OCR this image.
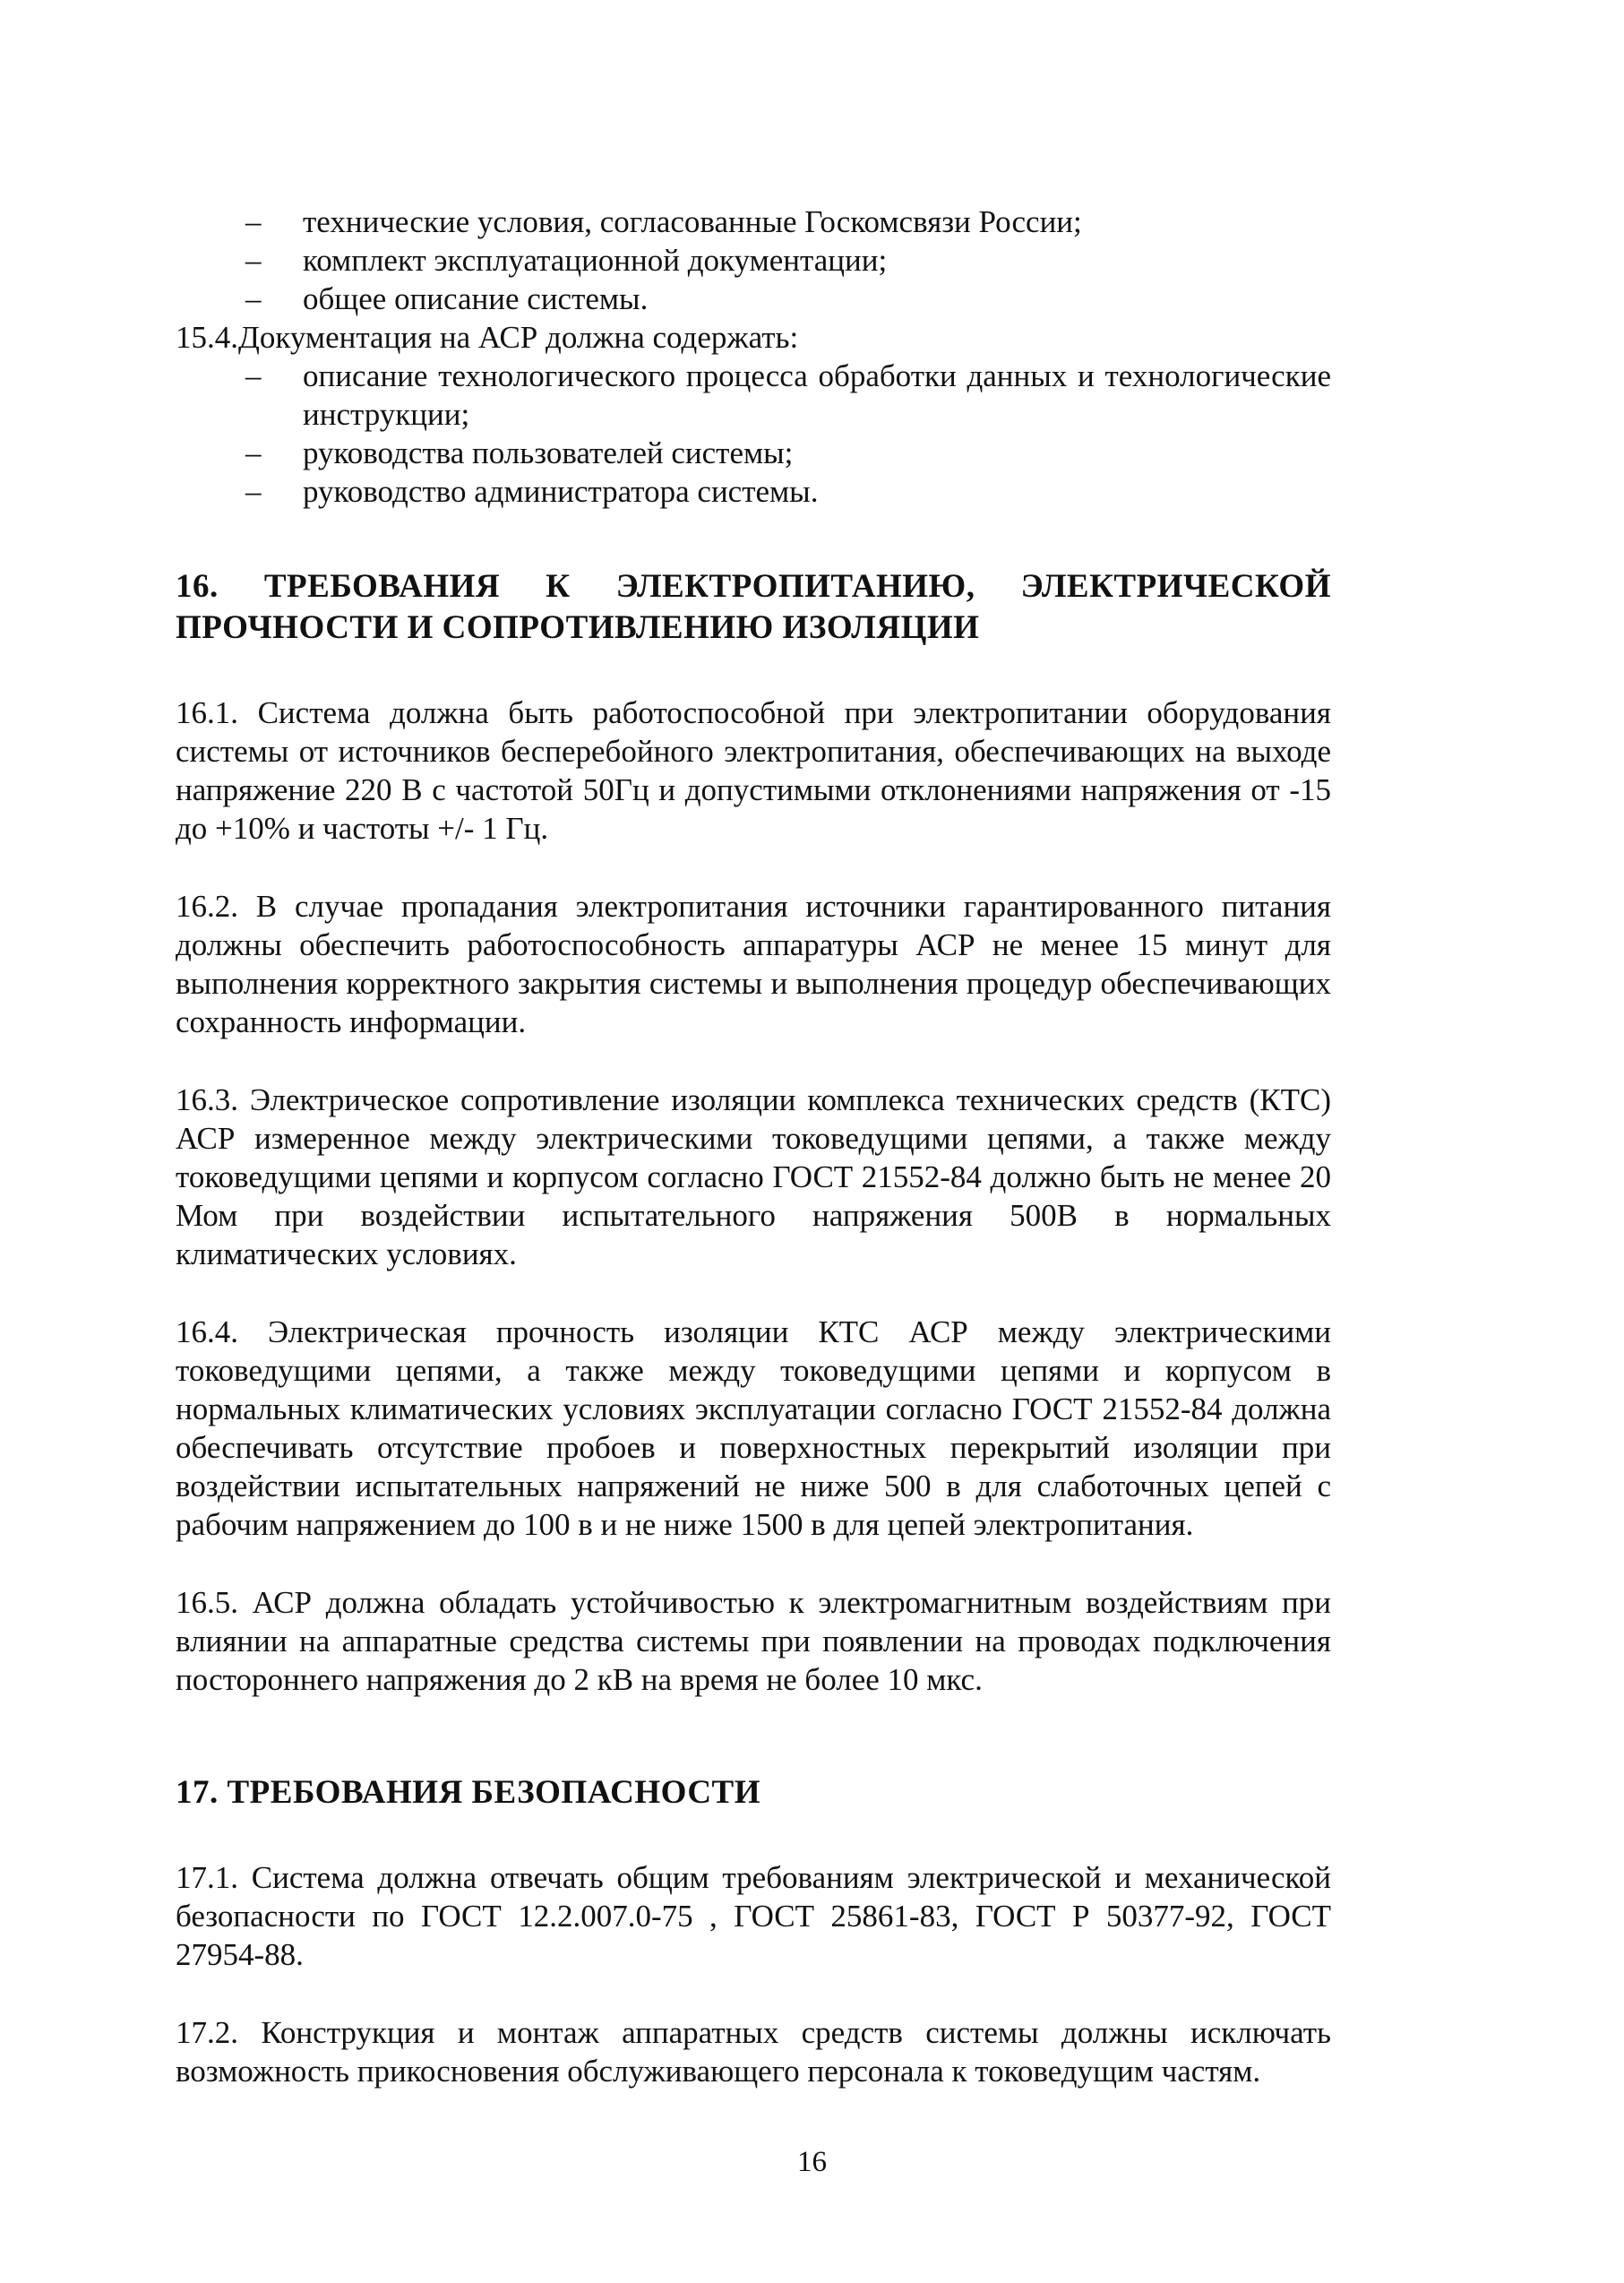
– технические условия, согласованные Госкомсвязи России;
– комплект эксплуатационной документации;
– общее описание системы.

15.4.Документация на АСР должна содержать:

– описание технологического процесса обработки данных и технологические инструкции;
– руководства пользователей системы;
– руководство администратора системы.
16. ТРЕБОВАНИЯ К ЭЛЕКТРОПИТАНИЮ, ЭЛЕКТРИЧЕСКОЙ ПРОЧНОСТИ И СОПРОТИВЛЕНИЮ ИЗОЛЯЦИИ

16.1. Система должна быть работоспособной при электропитании оборудования системы от источников бесперебойного электропитания, обеспечивающих на выходе напряжение 220 В с частотой 50Гц и допустимыми отклонениями напряжения от -15 до +10% и частоты +/- 1 Гц.

16.2. В случае пропадания электропитания источники гарантированного питания должны обеспечить работоспособность аппаратуры АСР не менее 15 минут для выполнения корректного закрытия системы и выполнения процедур обеспечивающих сохранность информации.

16.3. Электрическое сопротивление изоляции комплекса технических средств (КТС) АСР измеренное между электрическими токоведущими цепями, а также между токоведущими цепями и корпусом согласно ГОСТ 21552-84 должно быть не менее 20 Мом при воздействии испытательного напряжения 500В в нормальных климатических условиях.

16.4. Электрическая прочность изоляции КТС АСР между электрическими токоведущими цепями, а также между токоведущими цепями и корпусом в нормальных климатических условиях эксплуатации согласно ГОСТ 21552-84 должна обеспечивать отсутствие пробоев и поверхностных перекрытий изоляции при воздействии испытательных напряжений не ниже 500 в для слаботочных цепей с рабочим напряжением до 100 в и не ниже 1500 в для цепей электропитания.

16.5. АСР должна обладать устойчивостью к электромагнитным воздействиям при влиянии на аппаратные средства системы при появлении на проводах подключения постороннего напряжения до 2 кВ на время не более 10 мкс.

17. ТРЕБОВАНИЯ БЕЗОПАСНОСТИ

17.1. Система должна отвечать общим требованиям электрической и механической безопасности по ГОСТ 12.2.007.0-75 , ГОСТ 25861-83, ГОСТ Р 50377-92, ГОСТ 27954-88.

17.2. Конструкция и монтаж аппаратных средств системы должны исключать возможность прикосновения обслуживающего персонала к токоведущим частям.

16
